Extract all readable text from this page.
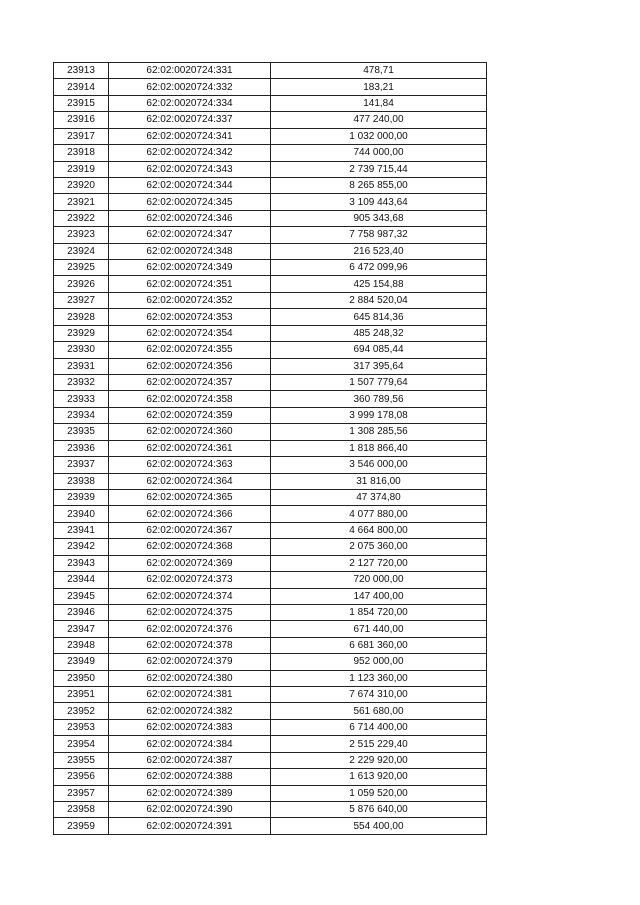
23913	62:02:0020724:331	478,71
23914	62:02:0020724:332	183,21
23915	62:02:0020724:334	141,84
23916	62:02:0020724:337	477 240,00
23917	62:02:0020724:341	1 032 000,00
23918	62:02:0020724:342	744 000,00
23919	62:02:0020724:343	2 739 715,44
23920	62:02:0020724:344	8 265 855,00
23921	62:02:0020724:345	3 109 443,64
23922	62:02:0020724:346	905 343,68
23923	62:02:0020724:347	7 758 987,32
23924	62:02:0020724:348	216 523,40
23925	62:02:0020724:349	6 472 099,96
23926	62:02:0020724:351	425 154,88
23927	62:02:0020724:352	2 884 520,04
23928	62:02:0020724:353	645 814,36
23929	62:02:0020724:354	485 248,32
23930	62:02:0020724:355	694 085,44
23931	62:02:0020724:356	317 395,64
23932	62:02:0020724:357	1 507 779,64
23933	62:02:0020724:358	360 789,56
23934	62:02:0020724:359	3 999 178,08
23935	62:02:0020724:360	1 308 285,56
23936	62:02:0020724:361	1 818 866,40
23937	62:02:0020724:363	3 546 000,00
23938	62:02:0020724:364	31 816,00
23939	62:02:0020724:365	47 374,80
23940	62:02:0020724:366	4 077 880,00
23941	62:02:0020724:367	4 664 800,00
23942	62:02:0020724:368	2 075 360,00
23943	62:02:0020724:369	2 127 720,00
23944	62:02:0020724:373	720 000,00
23945	62:02:0020724:374	147 400,00
23946	62:02:0020724:375	1 854 720,00
23947	62:02:0020724:376	671 440,00
23948	62:02:0020724:378	6 681 360,00
23949	62:02:0020724:379	952 000,00
23950	62:02:0020724:380	1 123 360,00
23951	62:02:0020724:381	7 674 310,00
23952	62:02:0020724:382	561 680,00
23953	62:02:0020724:383	6 714 400,00
23954	62:02:0020724:384	2 515 229,40
23955	62:02:0020724:387	2 229 920,00
23956	62:02:0020724:388	1 613 920,00
23957	62:02:0020724:389	1 059 520,00
23958	62:02:0020724:390	5 876 640,00
23959	62:02:0020724:391	554 400,00
